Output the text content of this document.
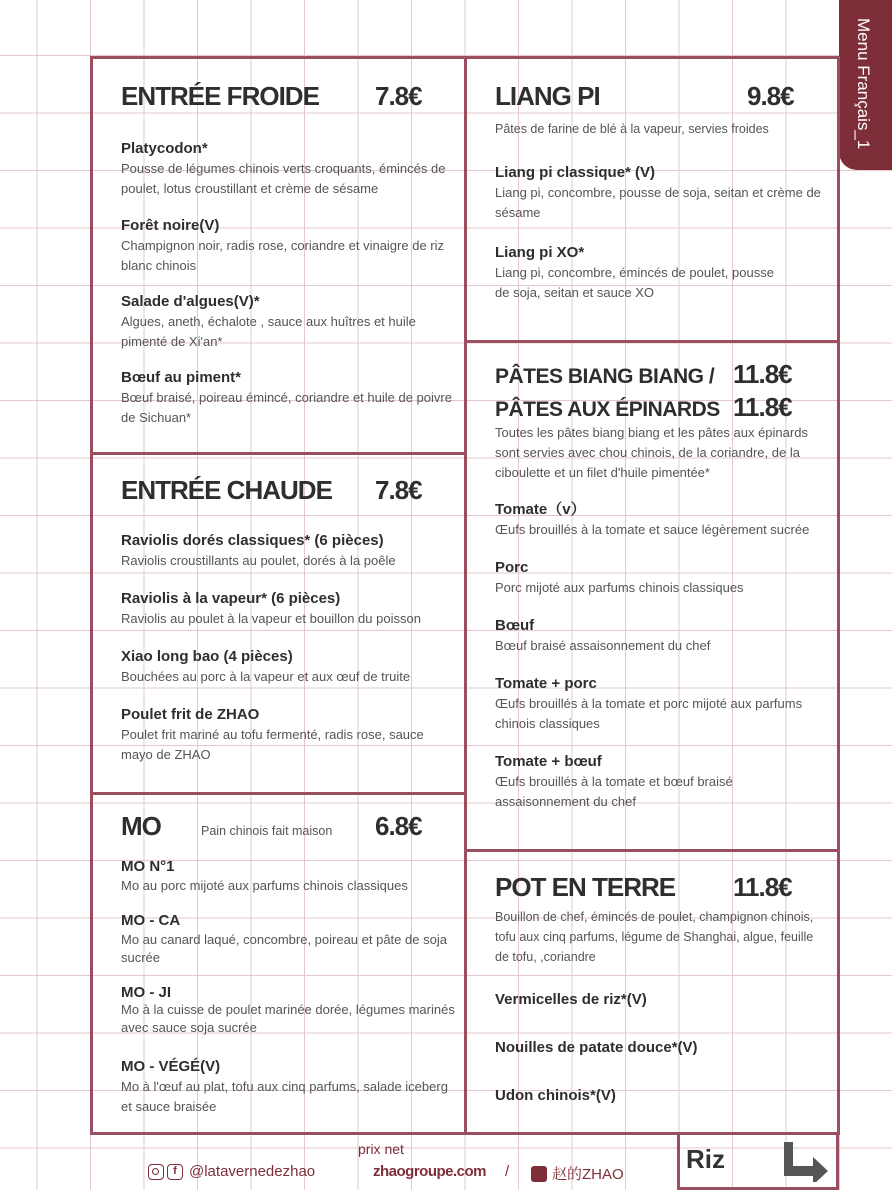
Menu Français_1
ENTRÉE FROIDE 7.8€
Platycodon*
Pousse de légumes chinois verts croquants, émincés de poulet, lotus croustillant et crème de sésame
Forêt noire(V)
Champignon noir, radis rose, coriandre et vinaigre de riz blanc chinois
Salade d'algues(V)*
Algues, aneth, échalote , sauce aux huîtres et huile pimenté de Xi'an*
Bœuf au piment*
Bœuf braisé, poireau émincé, coriandre et huile de poivre de Sichuan*
ENTRÉE CHAUDE 7.8€
Raviolis dorés classiques* (6 pièces)
Raviolis croustillants au poulet, dorés à la poêle
Raviolis à la vapeur* (6 pièces)
Raviolis au poulet à la vapeur et bouillon du poisson
Xiao long bao (4 pièces)
Bouchées au porc à la vapeur et aux œuf de truite
Poulet frit de ZHAO
Poulet frit mariné au tofu fermenté, radis rose, sauce mayo de ZHAO
MO	Pain chinois fait maison 6.8€
MO N°1
Mo au porc mijoté aux parfums chinois classiques
MO - CA
Mo au canard laqué, concombre, poireau et pâte de soja sucrée
MO - JI
Mo à la cuisse de poulet marinée dorée, légumes marinés avec sauce soja sucrée
MO - VÉGÉ(V)
Mo à l'œuf au plat, tofu aux cinq parfums, salade iceberg et sauce braisée
LIANG PI	9.8€
Pâtes de farine de blé à la vapeur, servies froides
Liang pi classique* (V)
Liang pi, concombre, pousse de soja, seitan et crème de sésame
Liang pi XO*
Liang pi, concombre, émincés de poulet, pousse de soja, seitan et sauce XO
PÂTES BIANG BIANG / 11.8€
PÂTES AUX ÉPINARDS 11.8€
Toutes les pâtes biang biang et les pâtes aux épinards sont servies avec chou chinois, de la coriandre, de la ciboulette et un filet d'huile pimentée*
Tomate（v）
Œufs brouillés à la tomate et sauce légèrement sucrée
Porc
Porc mijoté aux parfums chinois classiques
Bœuf
Bœuf braisé assaisonnement du chef
Tomate + porc
Œufs brouillés à la tomate et porc mijoté aux parfums chinois classiques
Tomate + bœuf
Œufs brouillés à la tomate et bœuf braisé assaisonnement du chef
POT EN TERRE 11.8€
Bouillon de chef, émincés de poulet, champignon chinois, tofu aux cinq parfums, légume de Shanghai, algue, feuille de tofu, ,coriandre
Vermicelles de riz*(V)
Nouilles de patate douce*(V)
Udon chinois*(V)
prix net
f @latavernedezhao	zhaogroupe.com /	赵的ZHAO
Riz
